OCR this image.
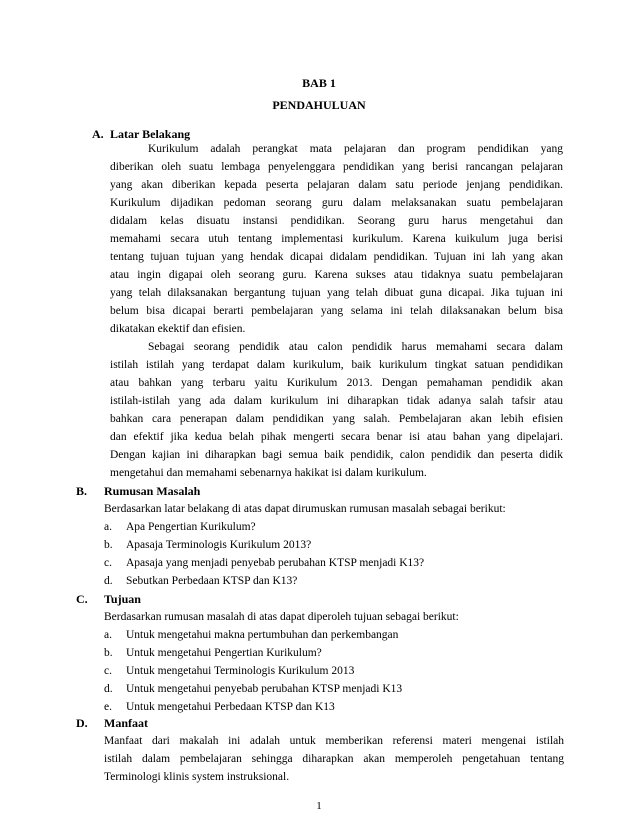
BAB 1
PENDAHULUAN
A. Latar Belakang
Kurikulum adalah perangkat mata pelajaran dan program pendidikan yang
diberikan oleh suatu lembaga penyelenggara pendidikan yang berisi rancangan pelajaran
yang akan diberikan kepada peserta pelajaran dalam satu periode jenjang pendidikan.
Kurikulum dijadikan pedoman seorang guru dalam melaksanakan suatu pembelajaran
didalam kelas disuatu instansi pendidikan. Seorang guru harus mengetahui dan
memahami secara utuh tentang implementasi kurikulum. Karena kuikulum juga berisi
tentang tujuan tujuan yang hendak dicapai didalam pendidikan. Tujuan ini lah yang akan
atau ingin digapai oleh seorang guru. Karena sukses atau tidaknya suatu pembelajaran
yang telah dilaksanakan bergantung tujuan yang telah dibuat guna dicapai. Jika tujuan ini
belum bisa dicapai berarti pembelajaran yang selama ini telah dilaksanakan belum bisa
dikatakan ekektif dan efisien.
Sebagai seorang pendidik atau calon pendidik harus memahami secara dalam
istilah istilah yang terdapat dalam kurikulum, baik kurikulum tingkat satuan pendidikan
atau bahkan yang terbaru yaitu Kurikulum 2013. Dengan pemahaman pendidik akan
istilah-istilah yang ada dalam kurikulum ini diharapkan tidak adanya salah tafsir atau
bahkan cara penerapan dalam pendidikan yang salah. Pembelajaran akan lebih efisien
dan efektif jika kedua belah pihak mengerti secara benar isi atau bahan yang dipelajari.
Dengan kajian ini diharapkan bagi semua baik pendidik, calon pendidik dan peserta didik
mengetahui dan memahami sebenarnya hakikat isi dalam kurikulum.
B. Rumusan Masalah
Berdasarkan latar belakang di atas dapat dirumuskan rumusan masalah sebagai berikut:
a. Apa Pengertian Kurikulum?
b. Apasaja Terminologis Kurikulum 2013?
c. Apasaja yang menjadi penyebab perubahan KTSP menjadi K13?
d. Sebutkan Perbedaan KTSP dan K13?
C. Tujuan
Berdasarkan rumusan masalah di atas dapat diperoleh tujuan sebagai berikut:
a. Untuk mengetahui makna pertumbuhan dan perkembangan
b. Untuk mengetahui Pengertian Kurikulum?
c. Untuk mengetahui Terminologis Kurikulum 2013
d. Untuk mengetahui penyebab perubahan KTSP menjadi K13
e. Untuk mengetahui Perbedaan KTSP dan K13
D. Manfaat
Manfaat dari makalah ini adalah untuk memberikan referensi materi mengenai istilah
istilah dalam pembelajaran sehingga diharapkan akan memperoleh pengetahuan tentang
Terminologi klinis system instruksional.
1
